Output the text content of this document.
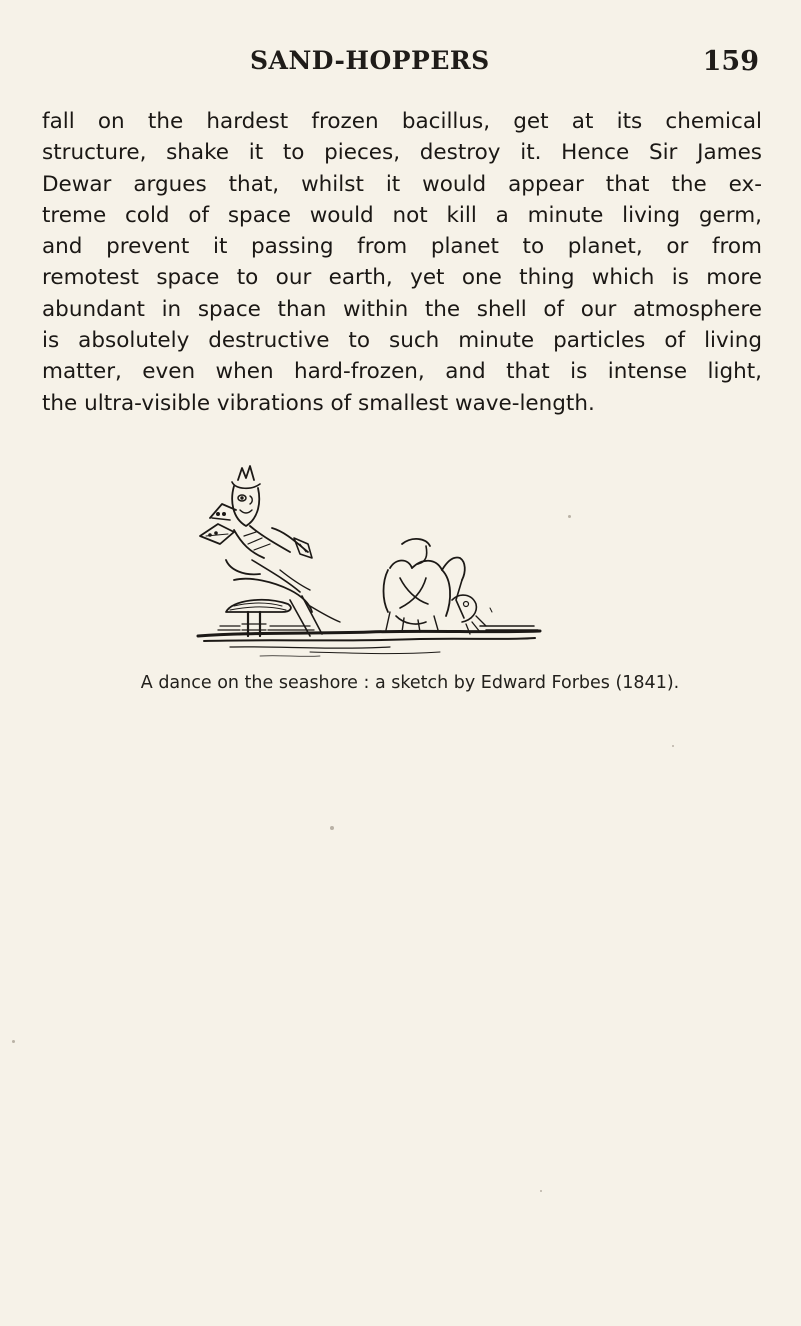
SAND-HOPPERS	159
fall on the hardest frozen bacillus, get at its chemical
structure, shake it to pieces, destroy it. Hence Sir James
Dewar argues that, whilst it would appear that the ex-
treme cold of space would not kill a minute living germ,
and prevent it passing from planet to planet, or from
remotest space to our earth, yet one thing which is more
abundant in space than within the shell of our atmosphere
is absolutely destructive to such minute particles of living
matter, even when hard-frozen, and that is intense light,
the ultra-visible vibrations of smallest wave-length.
A dance on the seashore : a sketch by Edward Forbes (1841).
